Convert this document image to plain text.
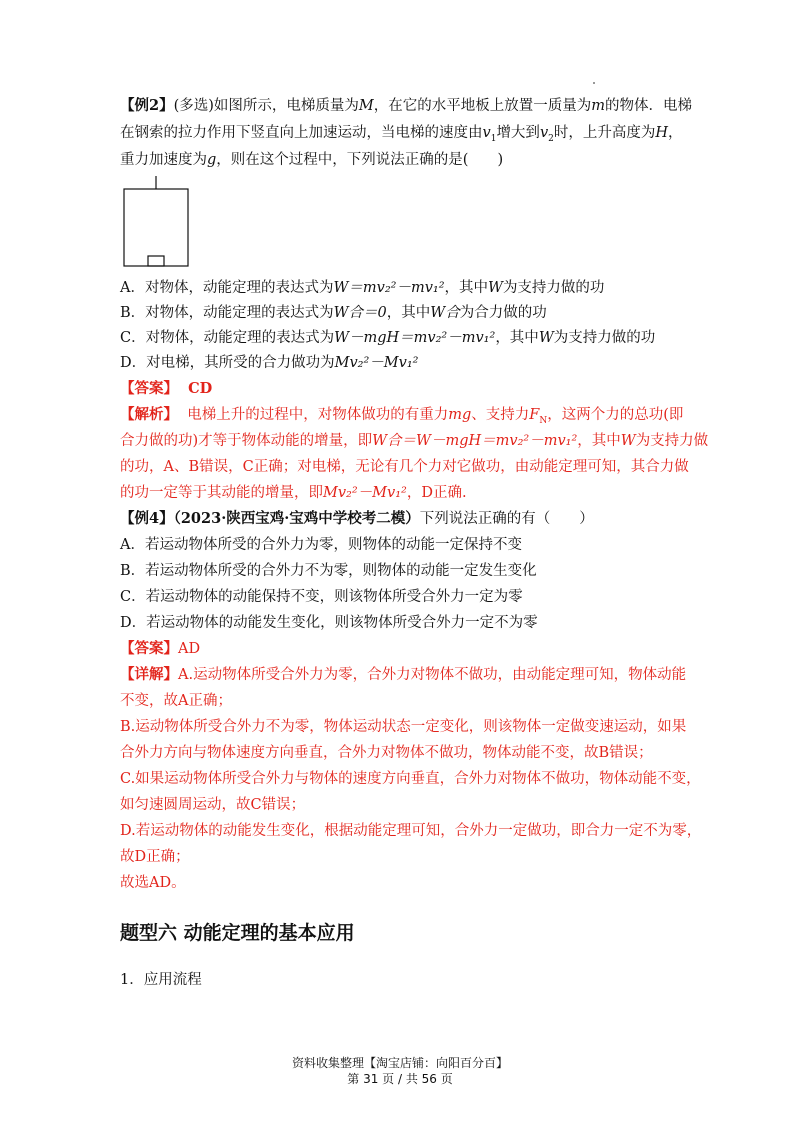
【例2】(多选)如图所示，电梯质量为M，在它的水平地板上放置一质量为m的物体．电梯
在钢索的拉力作用下竖直向上加速运动，当电梯的速度由$v_1$增大到$v_2$时，上升高度为H，
重力加速度为g，则在这个过程中，下列说法正确的是(　　)
A．对物体，动能定理的表达式为W＝mv₂²－mv₁²，其中W为支持力做的功
B．对物体，动能定理的表达式为W合＝0，其中W合为合力做的功
C．对物体，动能定理的表达式为W－mgH＝mv₂²－mv₁²，其中W为支持力做的功
D．对电梯，其所受的合力做功为Mv₂²－Mv₁²
【答案】 CD
【解析】 电梯上升的过程中，对物体做功的有重力mg、支持力$F_N$，这两个力的总功(即
合力做的功)才等于物体动能的增量，即W合＝W－mgH＝mv₂²－mv₁²，其中W为支持力做
的功，A、B错误，C正确；对电梯，无论有几个力对它做功，由动能定理可知，其合力做
的功一定等于其动能的增量，即Mv₂²－Mv₁²，D正确.
【例4】（2023·陕西宝鸡·宝鸡中学校考二模）下列说法正确的有（　　）
A．若运动物体所受的合外力为零，则物体的动能一定保持不变
B．若运动物体所受的合外力不为零，则物体的动能一定发生变化
C．若运动物体的动能保持不变，则该物体所受合外力一定为零
D．若运动物体的动能发生变化，则该物体所受合外力一定不为零
【答案】AD
【详解】A.运动物体所受合外力为零，合外力对物体不做功，由动能定理可知，物体动能
不变，故A正确；
B.运动物体所受合外力不为零，物体运动状态一定变化，则该物体一定做变速运动，如果
合外力方向与物体速度方向垂直，合外力对物体不做功，物体动能不变，故B错误；
C.如果运动物体所受合外力与物体的速度方向垂直，合外力对物体不做功，物体动能不变，
如匀速圆周运动，故C错误；
D.若运动物体的动能发生变化，根据动能定理可知，合外力一定做功，即合力一定不为零，
故D正确；
故选AD。
题型六 动能定理的基本应用
1．应用流程
资料收集整理【淘宝店铺：向阳百分百】
第 31 页 / 共 56 页
